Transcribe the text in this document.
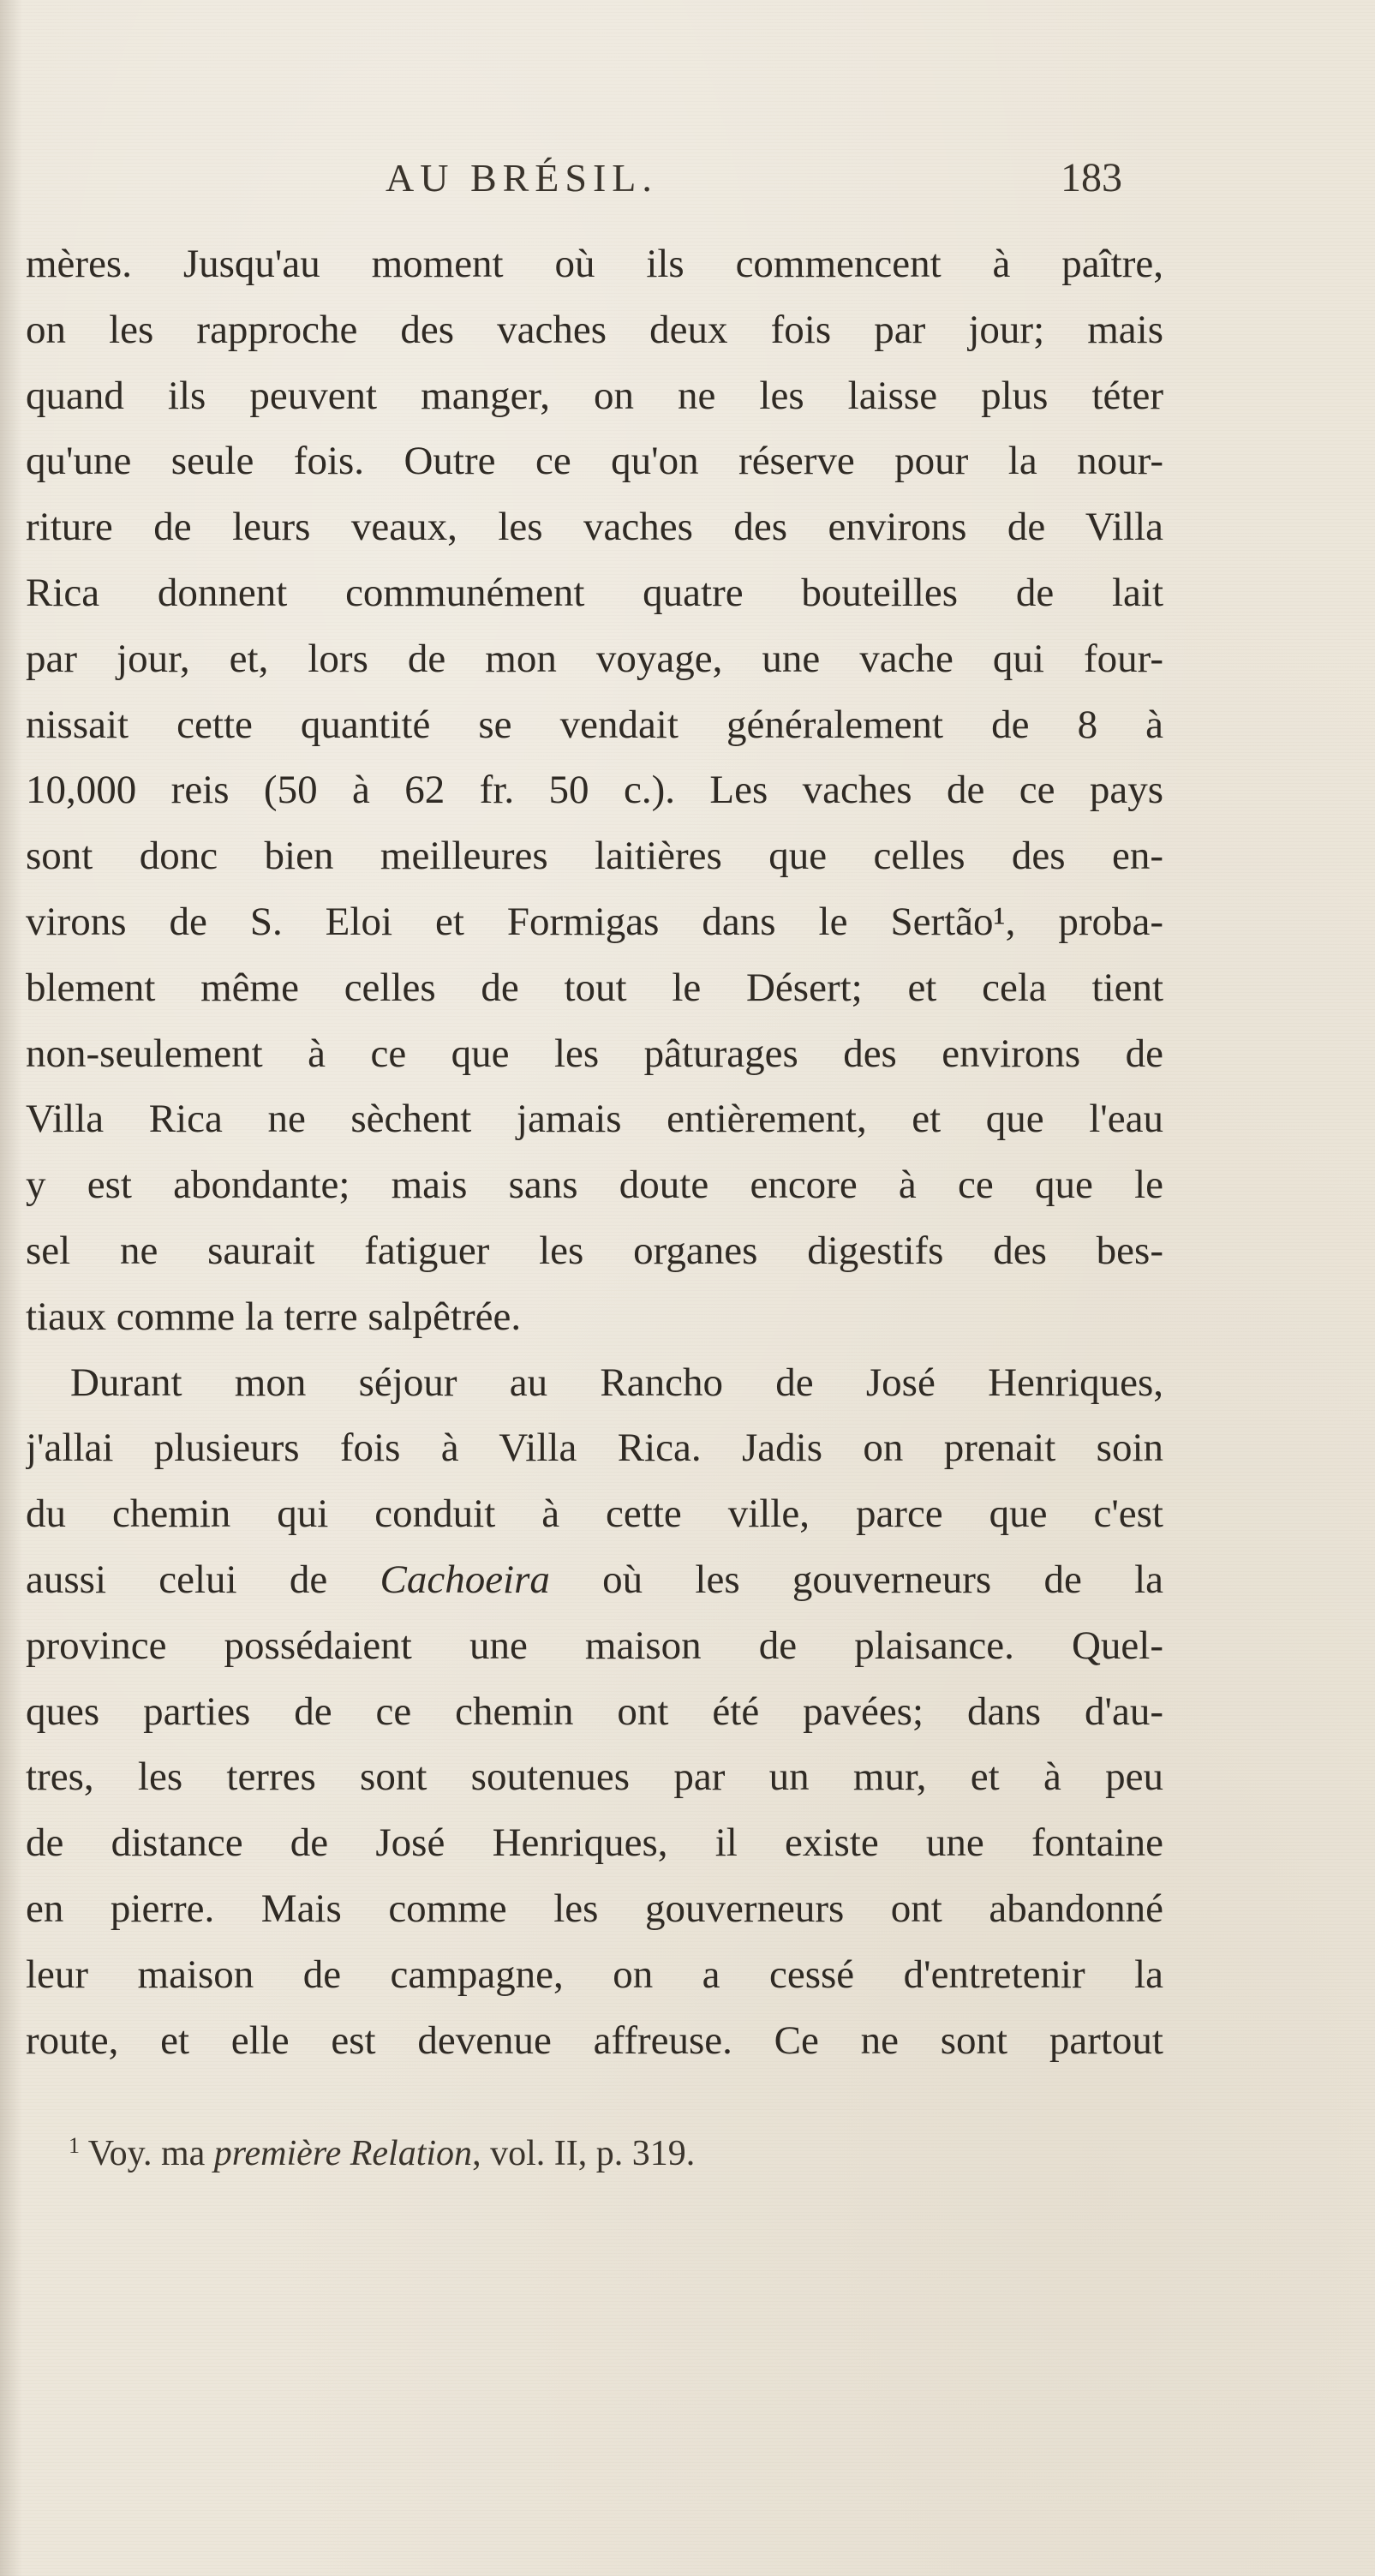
AU BRÉSIL.	183
mères. Jusqu'au moment où ils commencent à paître,
on les rapproche des vaches deux fois par jour; mais
quand ils peuvent manger, on ne les laisse plus téter
qu'une seule fois. Outre ce qu'on réserve pour la nour-
riture de leurs veaux, les vaches des environs de Villa
Rica donnent communément quatre bouteilles de lait
par jour, et, lors de mon voyage, une vache qui four-
nissait cette quantité se vendait généralement de 8 à
10,000 reis (50 à 62 fr. 50 c.). Les vaches de ce pays
sont donc bien meilleures laitières que celles des en-
virons de S. Eloi et Formigas dans le Sertão¹, proba-
blement même celles de tout le Désert; et cela tient
non-seulement à ce que les pâturages des environs de
Villa Rica ne sèchent jamais entièrement, et que l'eau
y est abondante; mais sans doute encore à ce que le
sel ne saurait fatiguer les organes digestifs des bes-
tiaux comme la terre salpêtrée.
Durant mon séjour au Rancho de José Henriques,
j'allai plusieurs fois à Villa Rica. Jadis on prenait soin
du chemin qui conduit à cette ville, parce que c'est
aussi celui de Cachoeira où les gouverneurs de la
province possédaient une maison de plaisance. Quel-
ques parties de ce chemin ont été pavées; dans d'au-
tres, les terres sont soutenues par un mur, et à peu
de distance de José Henriques, il existe une fontaine
en pierre. Mais comme les gouverneurs ont abandonné
leur maison de campagne, on a cessé d'entretenir la
route, et elle est devenue affreuse. Ce ne sont partout
$^1$ Voy. ma première Relation, vol. II, p. 319.
